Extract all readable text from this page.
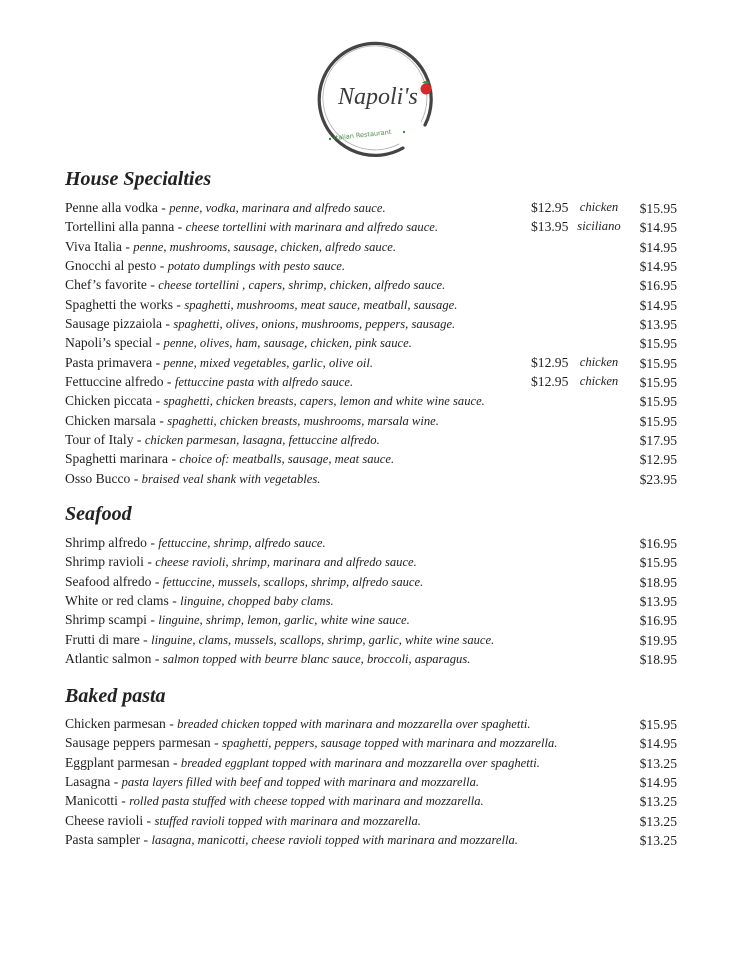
Napoli's
Italian Restaurant
House Specialties
Seafood
Baked pasta
Penne alla vodka - penne, vodka, marinara and alfredo sauce.	$12.95 chicken $15.95
Tortellini alla panna - cheese tortellini with marinara and alfredo sauce.	$13.95 siciliano $14.95
Viva Italia - penne, mushrooms, sausage, chicken, alfredo sauce.	$14.95
Gnocchi al pesto - potato dumplings with pesto sauce.	$14.95
Chef’s favorite - cheese tortellini , capers, shrimp, chicken, alfredo sauce.	$16.95
Spaghetti the works - spaghetti, mushrooms, meat sauce, meatball, sausage.	$14.95
Sausage pizzaiola - spaghetti, olives, onions, mushrooms, peppers, sausage.	$13.95
Napoli’s special - penne, olives, ham, sausage, chicken, pink sauce.	$15.95
Pasta primavera - penne, mixed vegetables, garlic, olive oil.	$12.95 chicken $15.95
Fettuccine alfredo - fettuccine pasta with alfredo sauce.	$12.95 chicken $15.95
Chicken piccata - spaghetti, chicken breasts, capers, lemon and white wine sauce.	$15.95
Chicken marsala - spaghetti, chicken breasts, mushrooms, marsala wine.	$15.95
Tour of Italy - chicken parmesan, lasagna, fettuccine alfredo.	$17.95
Spaghetti marinara - choice of: meatballs, sausage, meat sauce.	$12.95
Osso Bucco - braised veal shank with vegetables.	$23.95
Shrimp alfredo - fettuccine, shrimp, alfredo sauce.	$16.95
Shrimp ravioli - cheese ravioli, shrimp, marinara and alfredo sauce.	$15.95
Seafood alfredo - fettuccine, mussels, scallops, shrimp, alfredo sauce.	$18.95
White or red clams - linguine, chopped baby clams.	$13.95
Shrimp scampi - linguine, shrimp, lemon, garlic, white wine sauce.	$16.95
Frutti di mare - linguine, clams, mussels, scallops, shrimp, garlic, white wine sauce.	$19.95
Atlantic salmon - salmon topped with beurre blanc sauce, broccoli, asparagus.	$18.95
Chicken parmesan - breaded chicken topped with marinara and mozzarella over spaghetti.	$15.95
Sausage peppers parmesan - spaghetti, peppers, sausage topped with marinara and mozzarella.	$14.95
Eggplant parmesan - breaded eggplant topped with marinara and mozzarella over spaghetti.	$13.25
Lasagna - pasta layers filled with beef and topped with marinara and mozzarella.	$14.95
Manicotti - rolled pasta stuffed with cheese topped with marinara and mozzarella.	$13.25
Cheese ravioli - stuffed ravioli topped with marinara and mozzarella.	$13.25
Pasta sampler - lasagna, manicotti, cheese ravioli topped with marinara and mozzarella.	$13.25
